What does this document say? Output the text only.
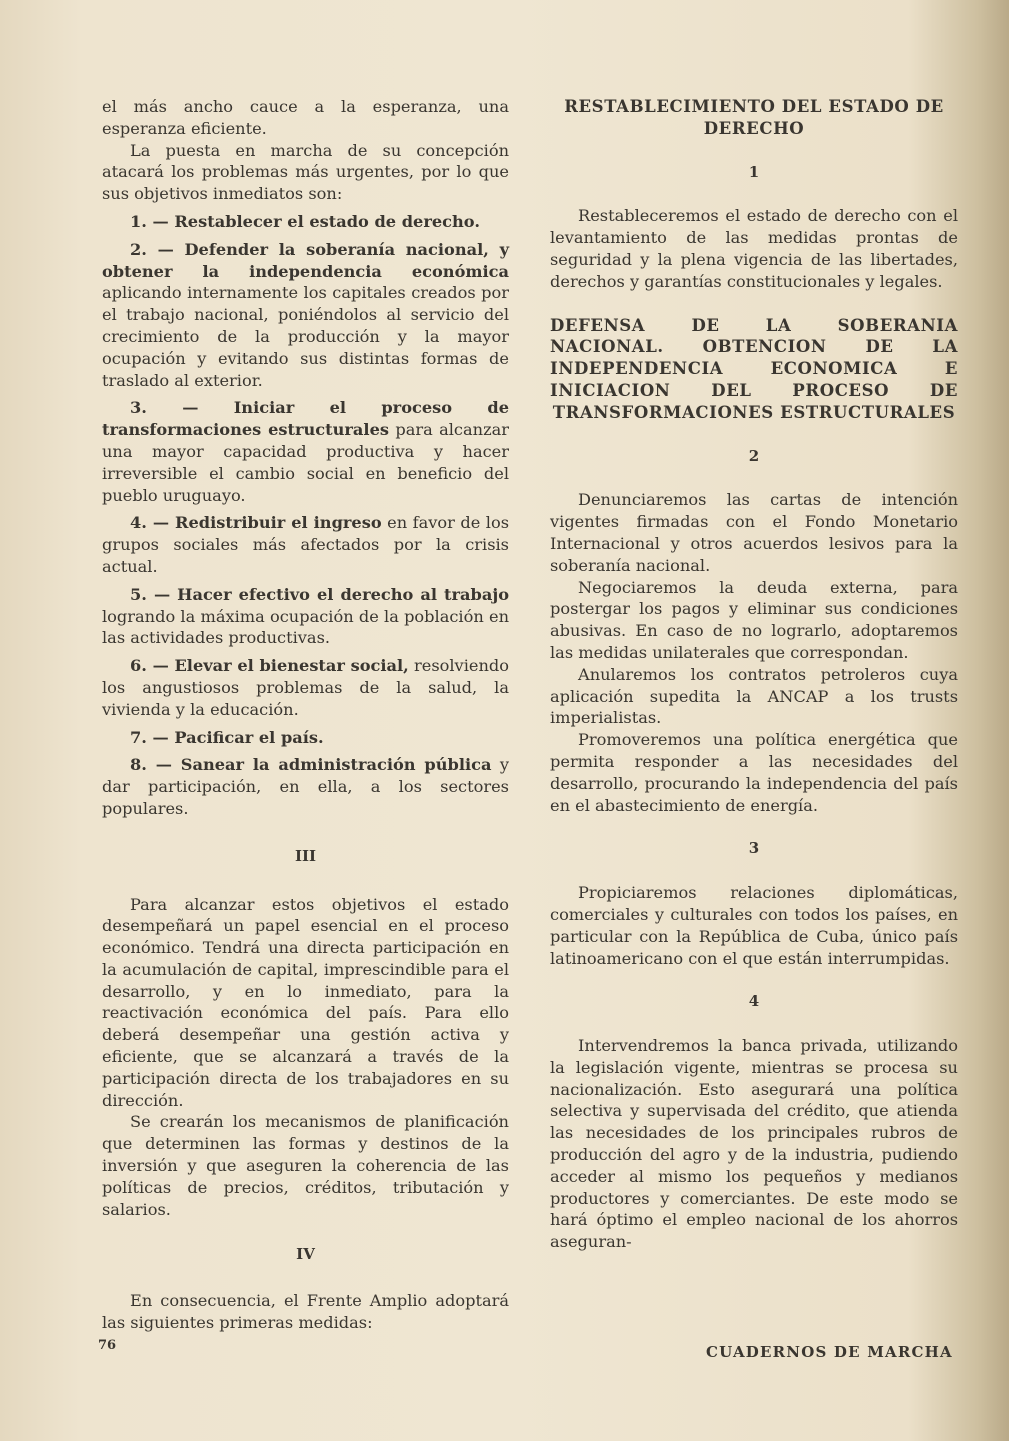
el más ancho cauce a la esperanza, una esperanza eficiente.

La puesta en marcha de su concepción atacará los problemas más urgentes, por lo que sus objetivos inmediatos son:

1. — Restablecer el estado de derecho.

2. — Defender la soberanía nacional, y obtener la independencia económica aplicando internamente los capitales creados por el trabajo nacional, poniéndolos al servicio del crecimiento de la producción y la mayor ocupación y evitando sus distintas formas de traslado al exterior.

3. — Iniciar el proceso de transformaciones estructurales para alcanzar una mayor capacidad productiva y hacer irreversible el cambio social en beneficio del pueblo uruguayo.

4. — Redistribuir el ingreso en favor de los grupos sociales más afectados por la crisis actual.

5. — Hacer efectivo el derecho al trabajo logrando la máxima ocupación de la población en las actividades productivas.

6. — Elevar el bienestar social, resolviendo los angustiosos problemas de la salud, la vivienda y la educación.

7. — Pacificar el país.

8. — Sanear la administración pública y dar participación, en ella, a los sectores populares.

III

Para alcanzar estos objetivos el estado desempeñará un papel esencial en el proceso económico. Tendrá una directa participación en la acumulación de capital, imprescindible para el desarrollo, y en lo inmediato, para la reactivación económica del país. Para ello deberá desempeñar una gestión activa y eficiente, que se alcanzará a través de la participación directa de los trabajadores en su dirección.

Se crearán los mecanismos de planificación que determinen las formas y destinos de la inversión y que aseguren la coherencia de las políticas de precios, créditos, tributación y salarios.

IV

En consecuencia, el Frente Amplio adoptará las siguientes primeras medidas:

RESTABLECIMIENTO DEL ESTADO DE DERECHO

1

Restableceremos el estado de derecho con el levantamiento de las medidas prontas de seguridad y la plena vigencia de las libertades, derechos y garantías constitucionales y legales.

DEFENSA DE LA SOBERANIA NACIONAL. OBTENCION DE LA INDEPENDENCIA ECONOMICA E INICIACION DEL PROCESO DE TRANSFORMACIONES ESTRUCTURALES

2

Denunciaremos las cartas de intención vigentes firmadas con el Fondo Monetario Internacional y otros acuerdos lesivos para la soberanía nacional.

Negociaremos la deuda externa, para postergar los pagos y eliminar sus condiciones abusivas. En caso de no lograrlo, adoptaremos las medidas unilaterales que correspondan.

Anularemos los contratos petroleros cuya aplicación supedita la ANCAP a los trusts imperialistas.

Promoveremos una política energética que permita responder a las necesidades del desarrollo, procurando la independencia del país en el abastecimiento de energía.

3

Propiciaremos relaciones diplomáticas, comerciales y culturales con todos los países, en particular con la República de Cuba, único país latinoamericano con el que están interrumpidas.

4

Intervendremos la banca privada, utilizando la legislación vigente, mientras se procesa su nacionalización. Esto asegurará una política selectiva y supervisada del crédito, que atienda las necesidades de los principales rubros de producción del agro y de la industria, pudiendo acceder al mismo los pequeños y medianos productores y comerciantes. De este modo se hará óptimo el empleo nacional de los ahorros aseguran-

76	CUADERNOS DE MARCHA
